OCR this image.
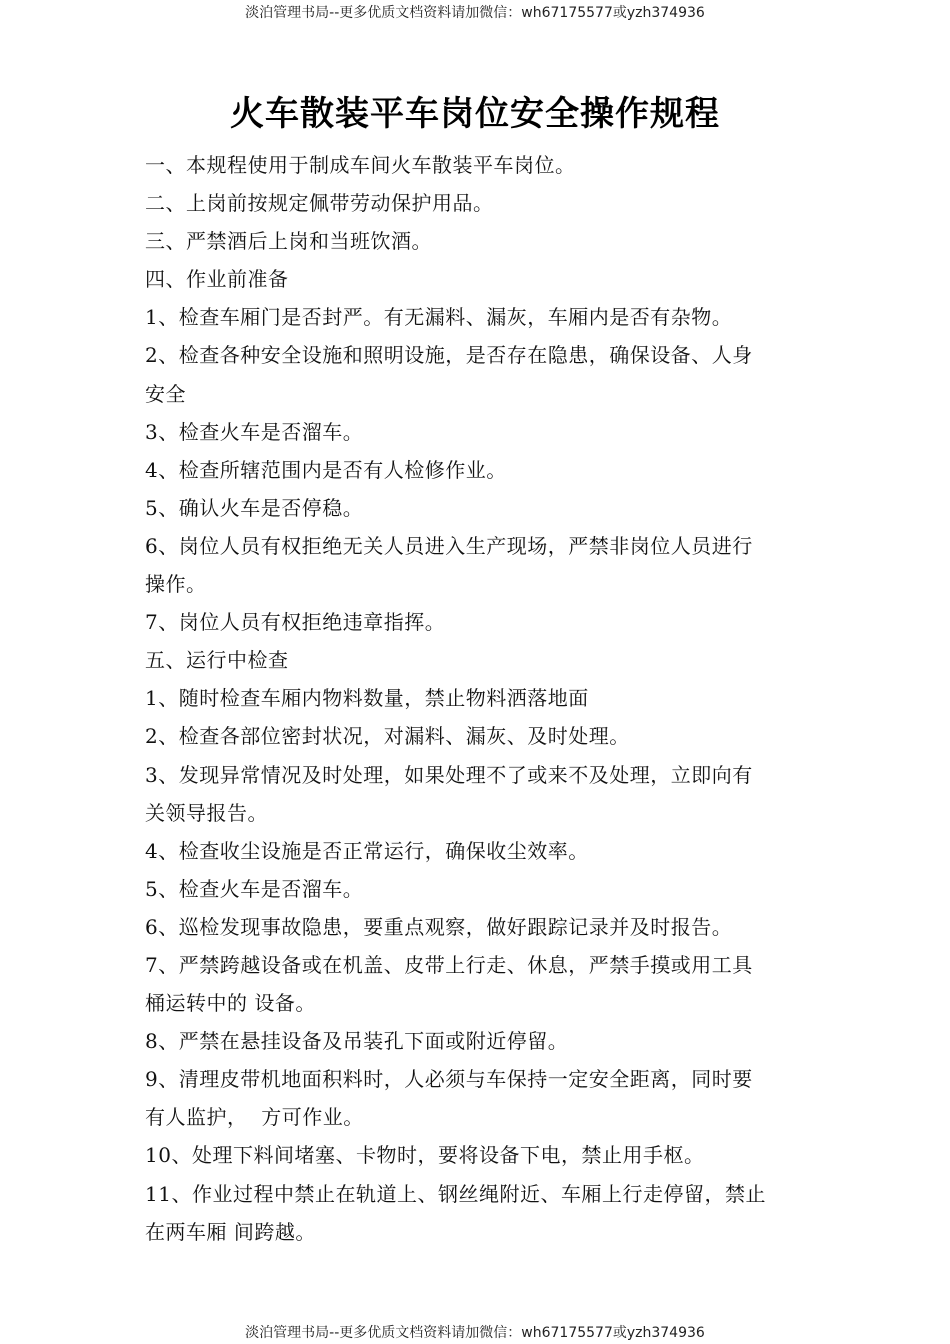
淡泊管理书局--更多优质文档资料请加微信：wh67175577或yzh374936
火车散装平车岗位安全操作规程

一、本规程使用于制成车间火车散装平车岗位。

二、上岗前按规定佩带劳动保护用品。

三、严禁酒后上岗和当班饮酒。

四、作业前准备

1、检查车厢门是否封严。有无漏料、漏灰，车厢内是否有杂物。

2、检查各种安全设施和照明设施，是否存在隐患，确保设备、人身

安全

3、检查火车是否溜车。

4、检查所辖范围内是否有人检修作业。

5、确认火车是否停稳。

6、岗位人员有权拒绝无关人员进入生产现场，严禁非岗位人员进行

操作。

7、岗位人员有权拒绝违章指挥。

五、运行中检查

1、随时检查车厢内物料数量，禁止物料洒落地面

2、检查各部位密封状况，对漏料、漏灰、及时处理。

3、发现异常情况及时处理，如果处理不了或来不及处理，立即向有

关领导报告。

4、检查收尘设施是否正常运行，确保收尘效率。

5、检查火车是否溜车。

6、巡检发现事故隐患，要重点观察，做好跟踪记录并及时报告。

7、严禁跨越设备或在机盖、皮带上行走、休息，严禁手摸或用工具

桶运转中的 设备。

8、严禁在悬挂设备及吊装孔下面或附近停留。

9、清理皮带机地面积料时，人必须与车保持一定安全距离，同时要

有人监护，  方可作业。

10、处理下料间堵塞、卡物时，要将设备下电，禁止用手枢。

11、作业过程中禁止在轨道上、钢丝绳附近、车厢上行走停留，禁止

在两车厢 间跨越。

淡泊管理书局--更多优质文档资料请加微信：wh67175577或yzh374936
